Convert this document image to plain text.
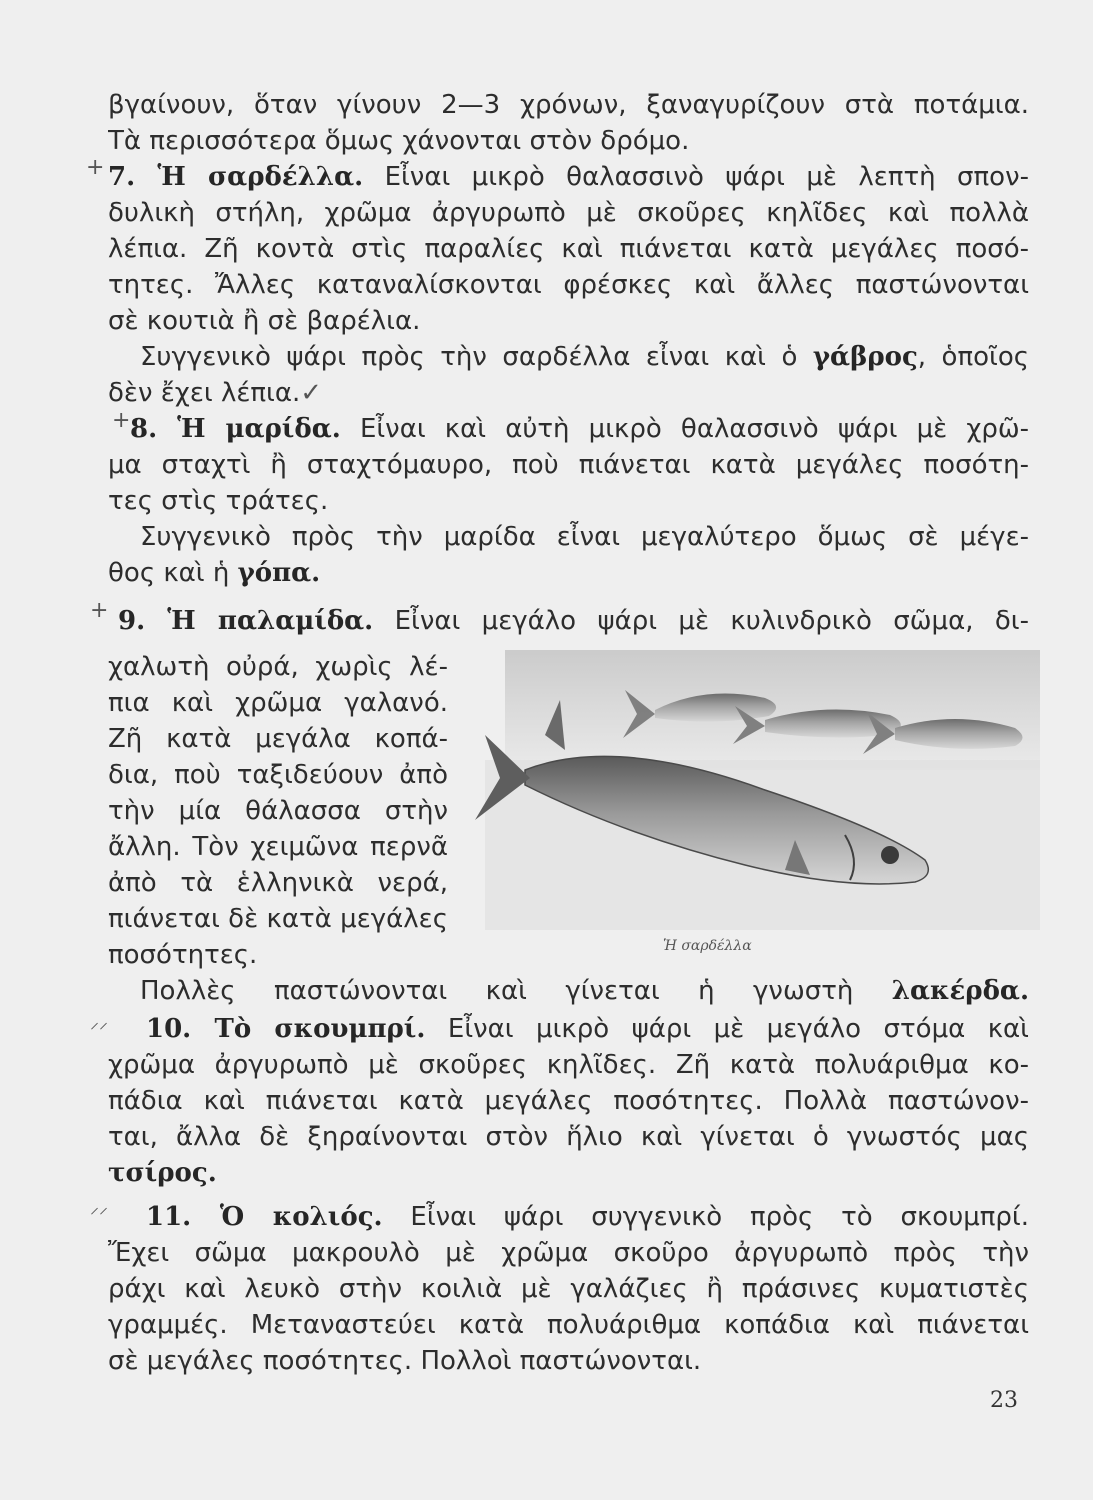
βγαίνουν, ὅταν γίνουν 2—3 χρόνων, ξαναγυρίζουν στὰ ποτάμια.
Τὰ περισσότερα ὅμως χάνονται στὸν δρόμο.
+ 7. Ἡ σαρδέλλα. Εἶναι μικρὸ θαλασσινὸ ψάρι μὲ λεπτὴ σπον-
δυλικὴ στήλη, χρῶμα ἀργυρωπὸ μὲ σκοῦρες κηλῖδες καὶ πολλὰ
λέπια. Ζῆ κοντὰ στὶς παραλίες καὶ πιάνεται κατὰ μεγάλες ποσό-
τητες. Ἄλλες καταναλίσκονται φρέσκες καὶ ἄλλες παστώνονται
σὲ κουτιὰ ἢ σὲ βαρέλια.
Συγγενικὸ ψάρι πρὸς τὴν σαρδέλλα εἶναι καὶ ὁ γάβρος, ὁποῖος
δὲν ἔχει λέπια.✓
+ 8. Ἡ μαρίδα. Εἶναι καὶ αὐτὴ μικρὸ θαλασσινὸ ψάρι μὲ χρῶ-
μα σταχτὶ ἢ σταχτόμαυρο, ποὺ πιάνεται κατὰ μεγάλες ποσότη-
τες στὶς τράτες.
Συγγενικὸ πρὸς τὴν μαρίδα εἶναι μεγαλύτερο ὅμως σὲ μέγε-
θος καὶ ἡ γόπα.
+ 9. Ἡ παλαμίδα. Εἶναι μεγάλο ψάρι μὲ κυλινδρικὸ σῶμα, δι-
χαλωτὴ οὐρά, χωρὶς λέ-
πια καὶ χρῶμα γαλανό.
Ζῆ κατὰ μεγάλα κοπά-
δια, ποὺ ταξιδεύουν ἀπὸ
τὴν μία θάλασσα στὴν
ἄλλη. Τὸν χειμῶνα περνᾶ
ἀπὸ τὰ ἑλληνικὰ νερά,
πιάνεται δὲ κατὰ μεγάλες
ποσότητες.
Πολλὲς παστώνονται καὶ γίνεται ἡ γνωστὴ λακέρδα.
Ἡ σαρδέλλα
⸝⸝ 10. Τὸ σκουμπρί. Εἶναι μικρὸ ψάρι μὲ μεγάλο στόμα καὶ
χρῶμα ἀργυρωπὸ μὲ σκοῦρες κηλῖδες. Ζῆ κατὰ πολυάριθμα κο-
πάδια καὶ πιάνεται κατὰ μεγάλες ποσότητες. Πολλὰ παστώνον-
ται, ἄλλα δὲ ξηραίνονται στὸν ἥλιο καὶ γίνεται ὁ γνωστός μας
τσίρος.
⸝⸝ 11. Ὁ κολιός. Εἶναι ψάρι συγγενικὸ πρὸς τὸ σκουμπρί.
Ἔχει σῶμα μακρουλὸ μὲ χρῶμα σκοῦρο ἀργυρωπὸ πρὸς τὴν
ράχι καὶ λευκὸ στὴν κοιλιὰ μὲ γαλάζιες ἢ πράσινες κυματιστὲς
γραμμές. Μεταναστεύει κατὰ πολυάριθμα κοπάδια καὶ πιάνεται
σὲ μεγάλες ποσότητες. Πολλοὶ παστώνονται.
23
